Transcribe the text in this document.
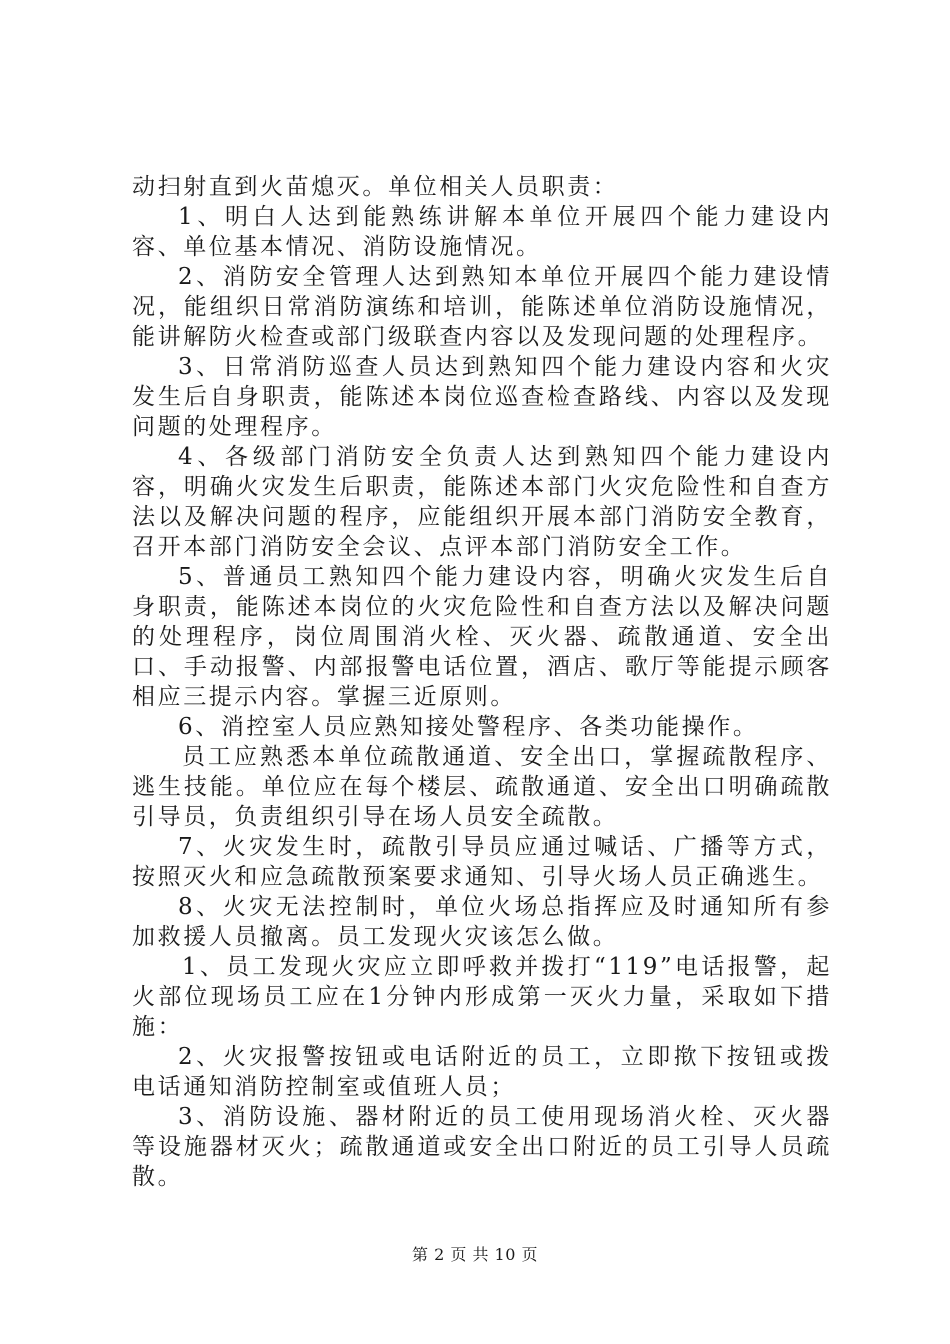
动扫射直到火苗熄灭。单位相关人员职责：

1、明白人达到能熟练讲解本单位开展四个能力建设内容、单位基本情况、消防设施情况。

2、消防安全管理人达到熟知本单位开展四个能力建设情况，能组织日常消防演练和培训，能陈述单位消防设施情况，能讲解防火检查或部门级联查内容以及发现问题的处理程序。

3、日常消防巡查人员达到熟知四个能力建设内容和火灾发生后自身职责，能陈述本岗位巡查检查路线、内容以及发现问题的处理程序。

4、各级部门消防安全负责人达到熟知四个能力建设内容，明确火灾发生后职责，能陈述本部门火灾危险性和自查方法以及解决问题的程序，应能组织开展本部门消防安全教育，召开本部门消防安全会议、点评本部门消防安全工作。

5、普通员工熟知四个能力建设内容，明确火灾发生后自身职责，能陈述本岗位的火灾危险性和自查方法以及解决问题的处理程序，岗位周围消火栓、灭火器、疏散通道、安全出口、手动报警、内部报警电话位置，酒店、歌厅等能提示顾客相应三提示内容。掌握三近原则。

6、消控室人员应熟知接处警程序、各类功能操作。

员工应熟悉本单位疏散通道、安全出口，掌握疏散程序、逃生技能。单位应在每个楼层、疏散通道、安全出口明确疏散引导员，负责组织引导在场人员安全疏散。

7、火灾发生时，疏散引导员应通过喊话、广播等方式，按照灭火和应急疏散预案要求通知、引导火场人员正确逃生。

8、火灾无法控制时，单位火场总指挥应及时通知所有参加救援人员撤离。员工发现火灾该怎么做。

1、员工发现火灾应立即呼救并拨打“119”电话报警，起火部位现场员工应在1分钟内形成第一灭火力量，采取如下措施：

2、火灾报警按钮或电话附近的员工，立即揿下按钮或拨电话通知消防控制室或值班人员；

3、消防设施、器材附近的员工使用现场消火栓、灭火器等设施器材灭火；疏散通道或安全出口附近的员工引导人员疏散。

第 2 页 共 10 页
